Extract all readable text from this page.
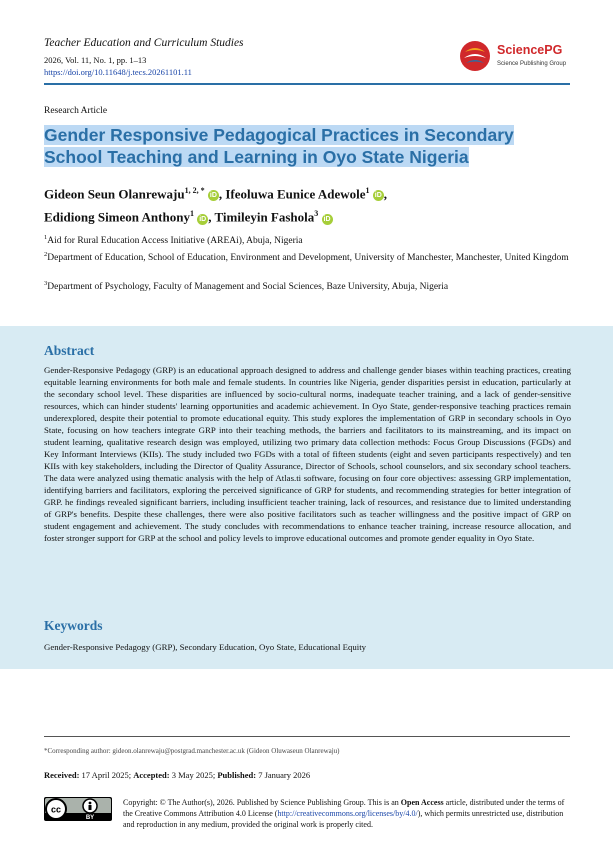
Teacher Education and Curriculum Studies
2026, Vol. 11, No. 1, pp. 1–13
https://doi.org/10.11648/j.tecs.20261101.11
SciencePG
Science Publishing Group
Research Article
Gender Responsive Pedagogical Practices in Secondary School Teaching and Learning in Oyo State Nigeria
Gideon Seun Olanrewaju$^{1, 2, *}$ iD , Ifeoluwa Eunice Adewole$^1$ iD ,
Edidiong Simeon Anthony$^1$ iD , Timileyin Fashola$^3$ iD
$^1$Aid for Rural Education Access Initiative (AREAi), Abuja, Nigeria
$^2$Department of Education, School of Education, Environment and Development, University of Manchester, Manchester, United Kingdom
$^3$Department of Psychology, Faculty of Management and Social Sciences, Baze University, Abuja, Nigeria
Abstract
Gender-Responsive Pedagogy (GRP) is an educational approach designed to address and challenge gender biases within teaching practices, creating equitable learning environments for both male and female students. In countries like Nigeria, gender disparities persist in education, particularly at the secondary school level. These disparities are influenced by socio-cultural norms, inadequate teacher training, and a lack of gender-sensitive resources, which can hinder students' learning opportunities and academic achievement. In Oyo State, gender-responsive teaching practices remain underexplored, despite their potential to promote educational equity. This study explores the implementation of GRP in secondary schools in Oyo State, focusing on how teachers integrate GRP into their teaching methods, the barriers and facilitators to its mainstreaming, and its impact on student learning, qualitative research design was employed, utilizing two primary data collection methods: Focus Group Discussions (FGDs) and Key Informant Interviews (KIIs). The study included two FGDs with a total of fifteen students (eight and seven participants respectively) and ten KIIs with key stakeholders, including the Director of Quality Assurance, Director of Schools, school counselors, and six secondary school teachers. The data were analyzed using thematic analysis with the help of Atlas.ti software, focusing on four core objectives: assessing GRP implementation, identifying barriers and facilitators, exploring the perceived significance of GRP for students, and recommending strategies for better integration of GRP. he findings revealed significant barriers, including insufficient teacher training, lack of resources, and resistance due to limited understanding of GRP's benefits. Despite these challenges, there were also positive facilitators such as teacher willingness and the positive impact of GRP on student engagement and achievement. The study concludes with recommendations to enhance teacher training, increase resource allocation, and foster stronger support for GRP at the school and policy levels to improve educational outcomes and promote gender equality in Oyo State.
Keywords
Gender-Responsive Pedagogy (GRP), Secondary Education, Oyo State, Educational Equity
*Corresponding author: gideon.olanrewaju@postgrad.manchester.ac.uk (Gideon Oluwaseun Olanrewaju)
Received: 17 April 2025; Accepted: 3 May 2025; Published: 7 January 2026
cc
BY
Copyright: © The Author(s), 2026. Published by Science Publishing Group. This is an Open Access article, distributed under the terms of the Creative Commons Attribution 4.0 License (http://creativecommons.org/licenses/by/4.0/), which permits unrestricted use, distribution and reproduction in any medium, provided the original work is properly cited.
